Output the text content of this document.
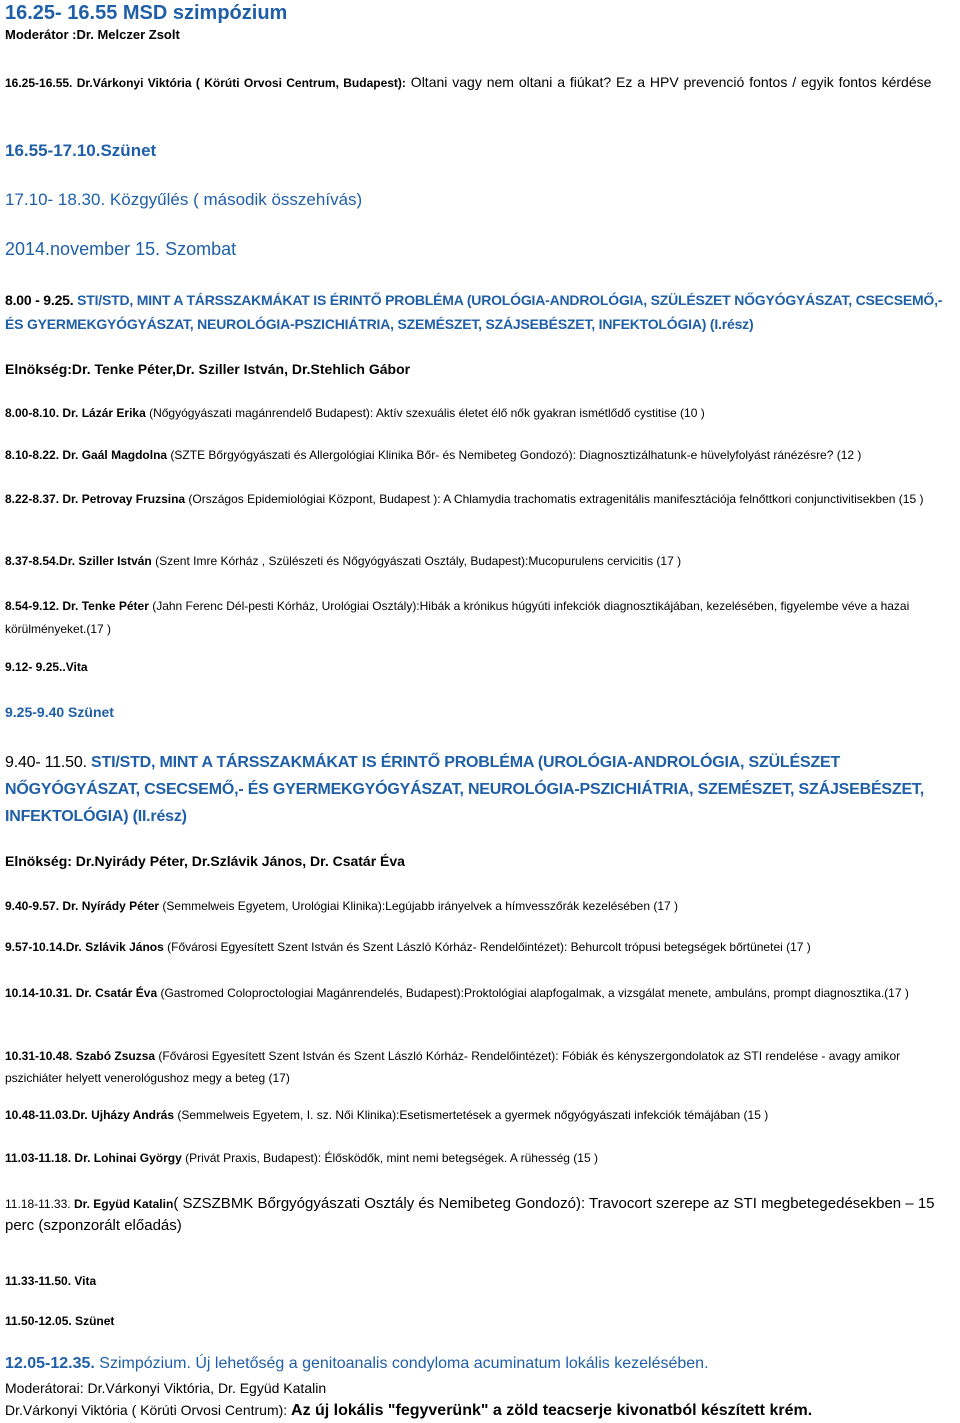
16.25- 16.55 MSD szimpózium
Moderátor :Dr. Melczer Zsolt
16.25-16.55. Dr.Várkonyi Viktória ( Körúti Orvosi Centrum, Budapest): Oltani vagy nem oltani a fiúkat? Ez a HPV prevenció fontos / egyik fontos kérdése
16.55-17.10.Szünet
17.10- 18.30. Közgyűlés ( második összehívás)
2014.november 15. Szombat
8.00 - 9.25. STI/STD, MINT A TÁRSSZAKMÁKAT IS ÉRINTŐ PROBLÉMA (UROLÓGIA-ANDROLÓGIA, SZÜLÉSZET NŐGYÓGYÁSZAT, CSECSEMŐ,- ÉS GYERMEKGYÓGYÁSZAT, NEUROLÓGIA-PSZICHIÁTRIA, SZEMÉSZET, SZÁJSEBÉSZET, INFEKTOLÓGIA) (I.rész)
Elnökség:Dr. Tenke Péter,Dr. Sziller István, Dr.Stehlich Gábor
8.00-8.10. Dr. Lázár Erika (Nőgyógyászati magánrendelő Budapest): Aktív szexuális életet élő nők gyakran ismétlődő cystitise (10 )
8.10-8.22. Dr. Gaál Magdolna (SZTE Bőrgyógyászati és Allergológiai Klinika Bőr- és Nemibeteg Gondozó): Diagnosztizálhatunk-e hüvelyfolyást ránézésre? (12 )
8.22-8.37. Dr. Petrovay Fruzsina (Országos Epidemiológiai Központ, Budapest ): A Chlamydia trachomatis extragenitális manifesztációja felnőttkori conjunctivitisekben (15 )
8.37-8.54.Dr. Sziller István (Szent Imre Kórház , Szülészeti és Nőgyógyászati Osztály, Budapest):Mucopurulens cervicitis (17 )
8.54-9.12. Dr. Tenke Péter (Jahn Ferenc Dél-pesti Kórház, Urológiai Osztály):Hibák a krónikus húgyúti infekciók diagnosztikájában, kezelésében, figyelembe véve a hazai körülményeket.(17 )
9.12- 9.25..Vita
9.25-9.40 Szünet
9.40- 11.50. STI/STD, MINT A TÁRSSZAKMÁKAT IS ÉRINTŐ PROBLÉMA (UROLÓGIA-ANDROLÓGIA, SZÜLÉSZET NŐGYÓGYÁSZAT, CSECSEMŐ,- ÉS GYERMEKGYÓGYÁSZAT, NEUROLÓGIA-PSZICHIÁTRIA, SZEMÉSZET, SZÁJSEBÉSZET, INFEKTOLÓGIA) (II.rész)
Elnökség: Dr.Nyirády Péter, Dr.Szlávik János, Dr. Csatár Éva
9.40-9.57. Dr. Nyírády Péter (Semmelweis Egyetem, Urológiai Klinika):Legújabb irányelvek a hímvesszőrák kezelésében (17 )
9.57-10.14.Dr. Szlávik János (Fővárosi Egyesített Szent István és Szent László Kórház- Rendelőintézet): Behurcolt trópusi betegségek bőrtünetei (17 )
10.14-10.31. Dr. Csatár Éva (Gastromed Coloproctologiai Magánrendelés, Budapest):Proktológiai alapfogalmak, a vizsgálat menete, ambuláns, prompt diagnosztika.(17 )
10.31-10.48. Szabó Zsuzsa (Fővárosi Egyesített Szent István és Szent László Kórház- Rendelőintézet): Fóbiák és kényszergondolatok az STI rendelése - avagy amikor pszichiáter helyett venerológushoz megy a beteg (17)
10.48-11.03.Dr. Ujházy András (Semmelweis Egyetem, I. sz. Női Klinika):Esetismertetések a gyermek nőgyógyászati infekciók témájában (15 )
11.03-11.18. Dr. Lohinai György (Privát Praxis, Budapest): Élősködők, mint nemi betegségek. A rühesség (15 )
11.18-11.33. Dr. Együd Katalin( SZSZBMK Bőrgyógyászati Osztály és Nemibeteg Gondozó): Travocort szerepe az STI megbetegedésekben – 15 perc (szponzorált előadás)
11.33-11.50. Vita
11.50-12.05. Szünet
12.05-12.35. Szimpózium. Új lehetőség a genitoanalis condyloma acuminatum lokális kezelésében.
Moderátorai: Dr.Várkonyi Viktória, Dr. Együd Katalin
Dr.Várkonyi Viktória ( Körúti Orvosi Centrum): Az új lokális "fegyverünk" a zöld teacserje kivonatból készített krém.
